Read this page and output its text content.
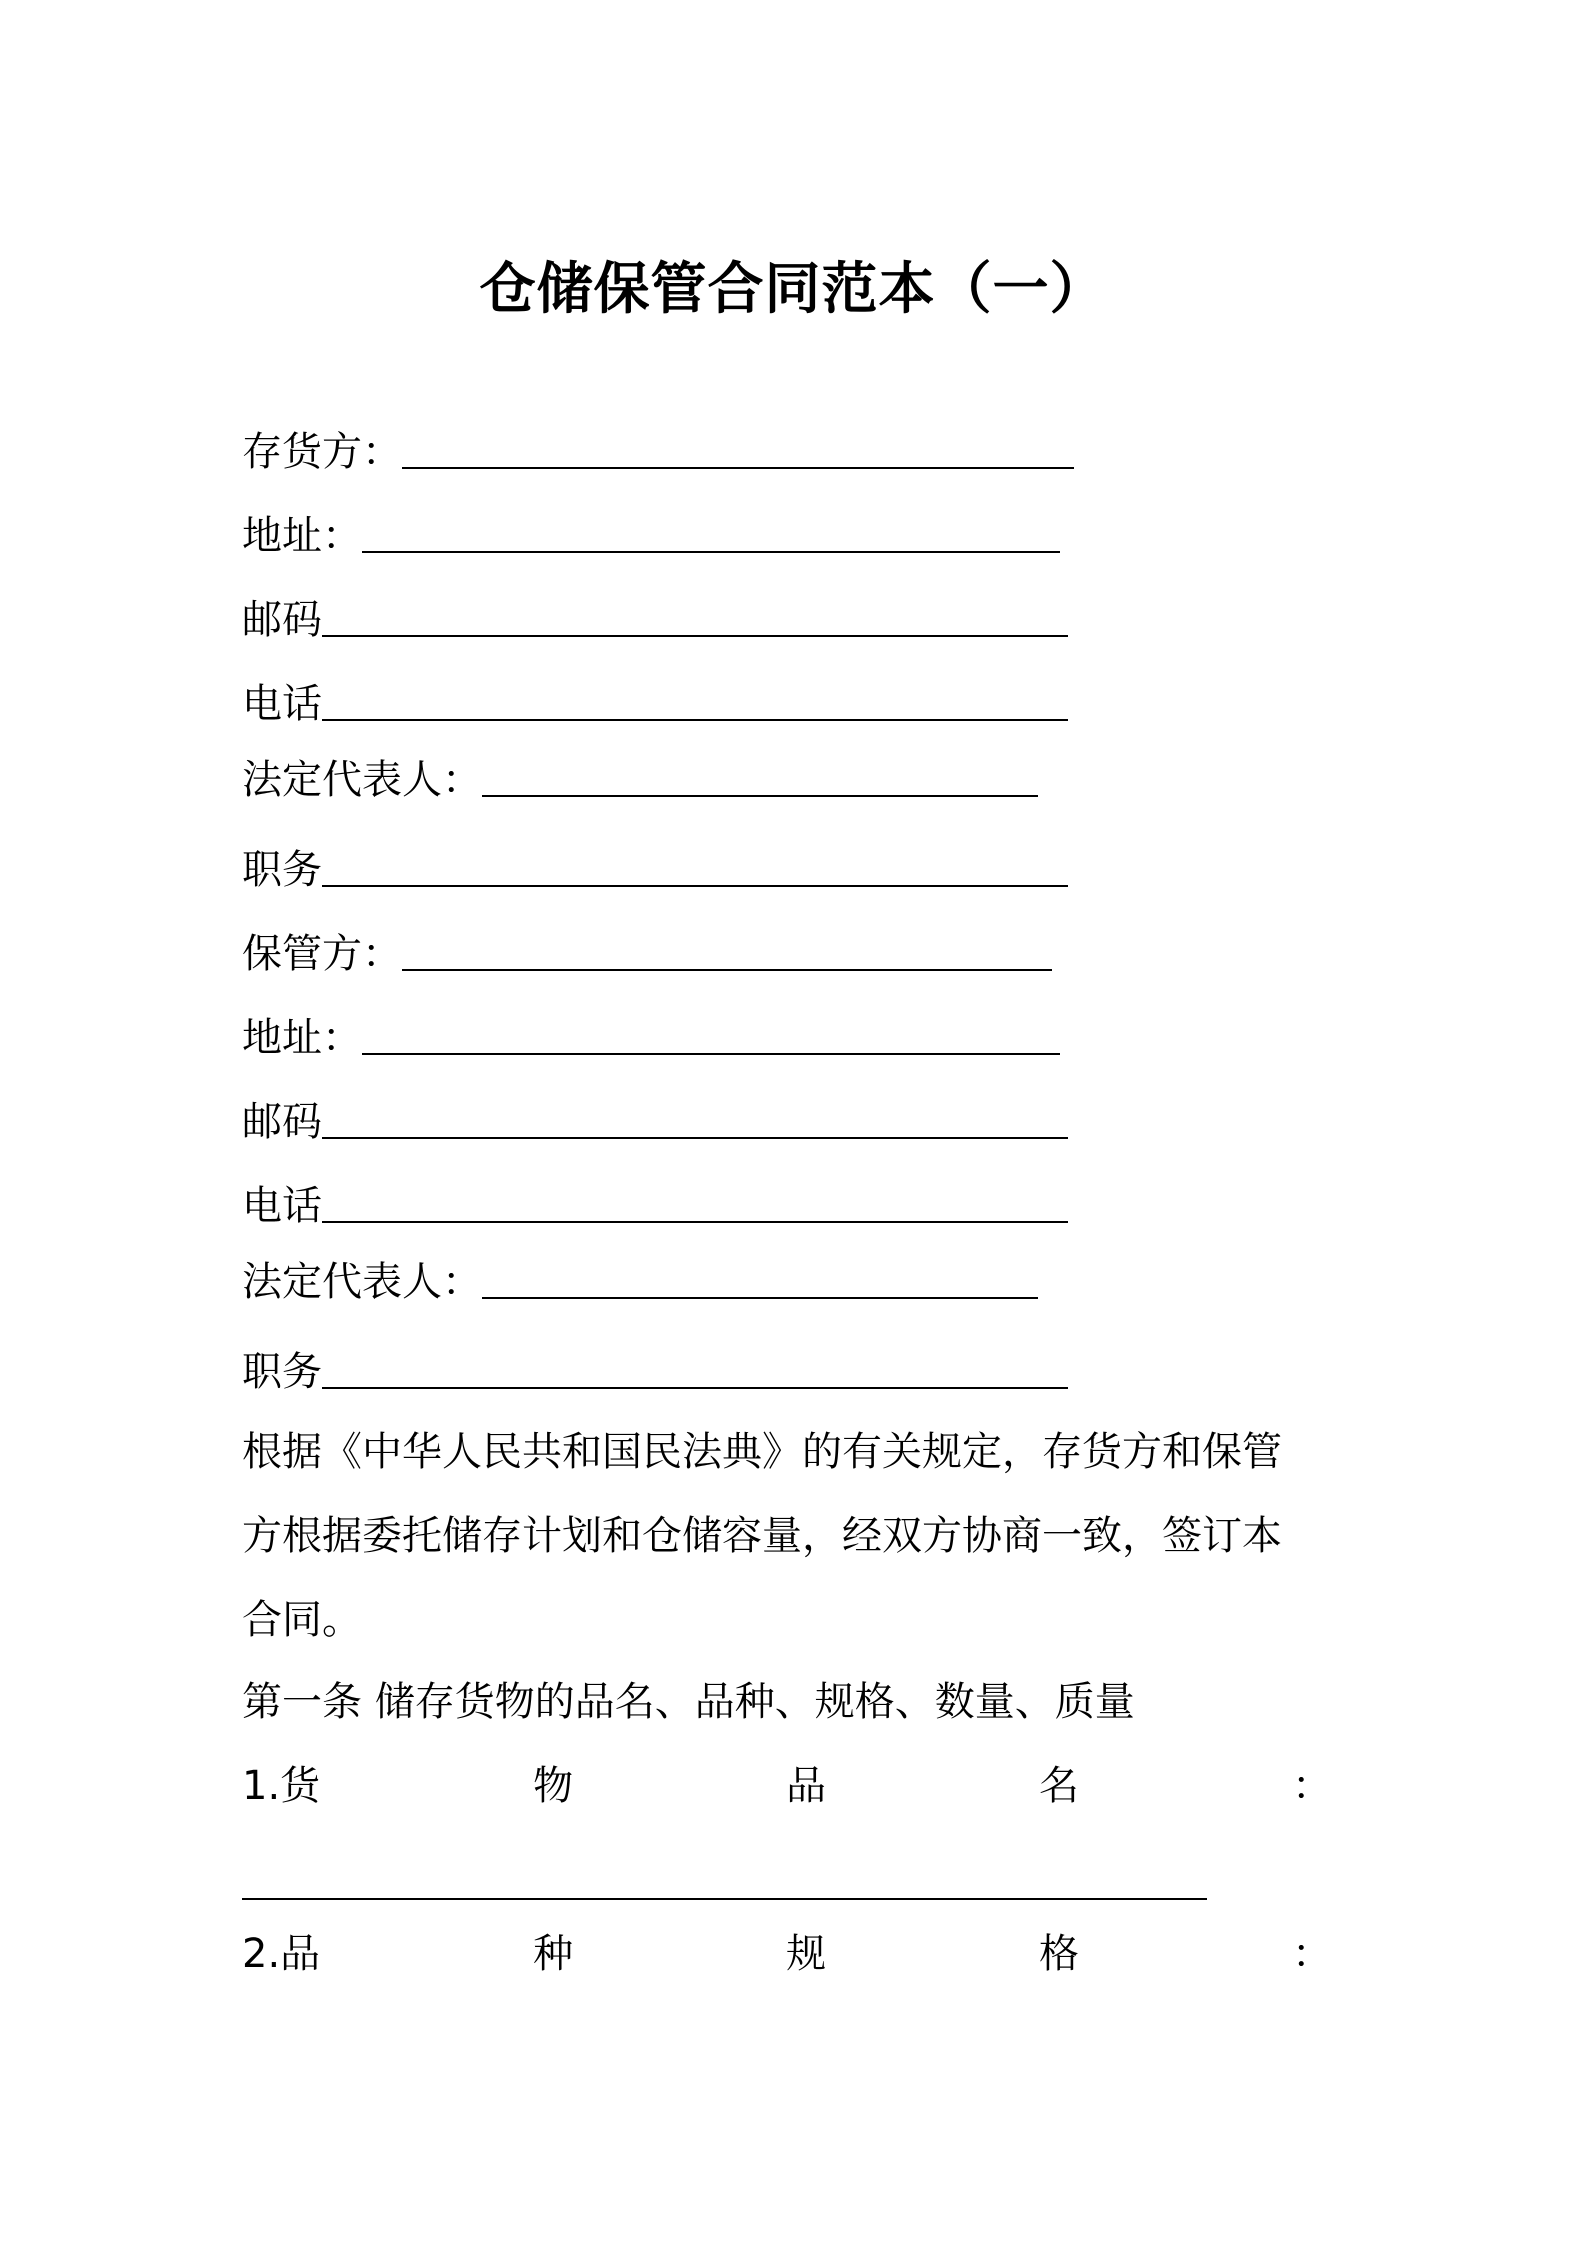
仓储保管合同范本（一）
存货方：
地址：
邮码
电话
法定代表人：
职务
保管方：
地址：
邮码
电话
法定代表人：
职务
根据《中华人民共和国民法典》的有关规定，存货方和保管
方根据委托储存计划和仓储容量，经双方协商一致，签订本
合同。
第一条 储存货物的品名、品种、规格、数量、质量
1.货	物	品	名	：
2.品	种	规	格	：
